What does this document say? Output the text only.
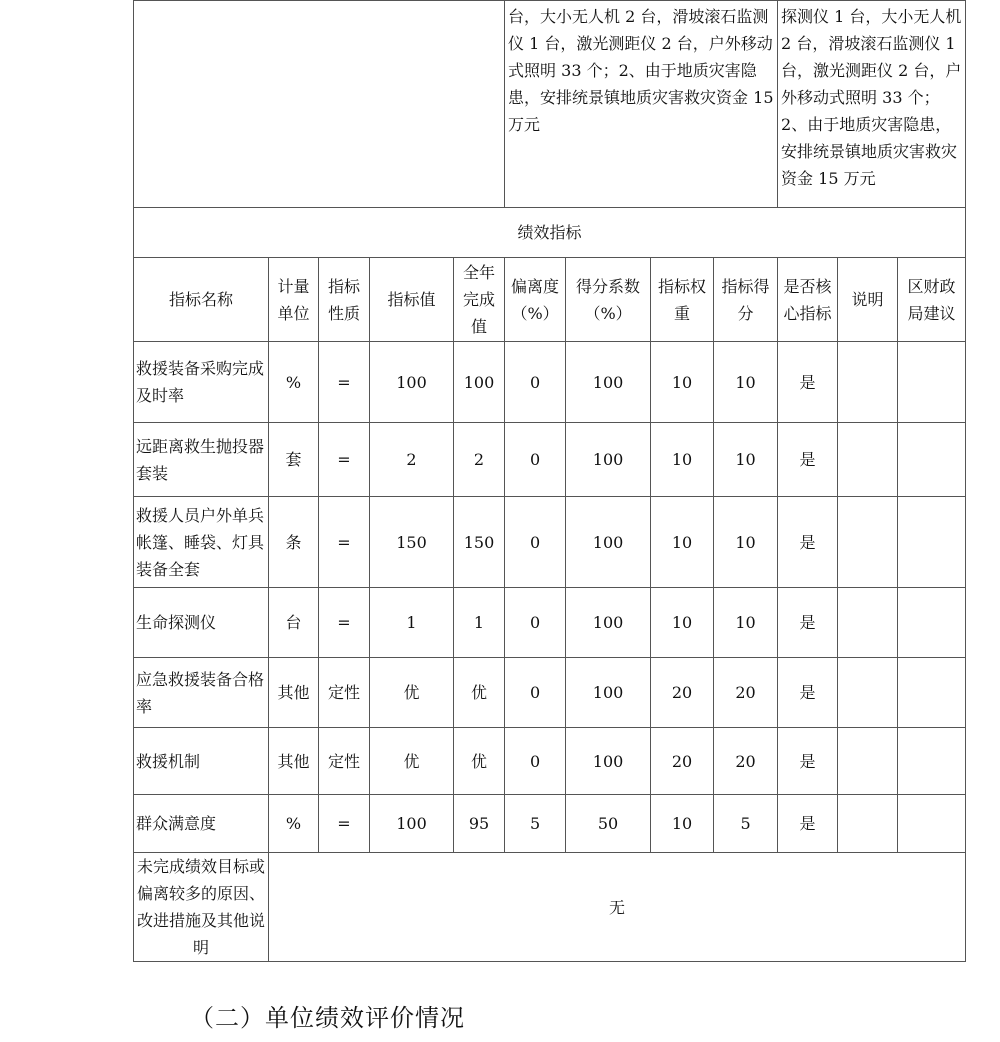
					台，大小无人机 2 台，滑坡滚石监测仪 1 台，激光测距仪 2 台，户外移动式照明 33 个；2、由于地质灾害隐患，安排统景镇地质灾害救灾资金 15 万元				探测仪 1 台，大小无人机 2 台，滑坡滚石监测仪 1 台，激光测距仪 2 台，户外移动式照明 33 个； 2、由于地质灾害隐患，安排统景镇地质灾害救灾资金 15 万元		
绩效指标											
指标名称	计量单位	指标性质	指标值	全年完成值	偏离度（%）	得分系数（%）	指标权重	指标得分	是否核心指标	说明	区财政局建议
救援装备采购完成及时率	%	=	100	100	0	100	10	10	是		
远距离救生抛投器套装	套	=	2	2	0	100	10	10	是		
救援人员户外单兵帐篷、睡袋、灯具装备全套	条	=	150	150	0	100	10	10	是		
生命探测仪	台	=	1	1	0	100	10	10	是		
应急救援装备合格率	其他	定性	优	优	0	100	20	20	是		
救援机制	其他	定性	优	优	0	100	20	20	是		
群众满意度	%	=	100	95	5	50	10	5	是		
未完成绩效目标或偏离较多的原因、改进措施及其他说明	无										
（二）单位绩效评价情况
